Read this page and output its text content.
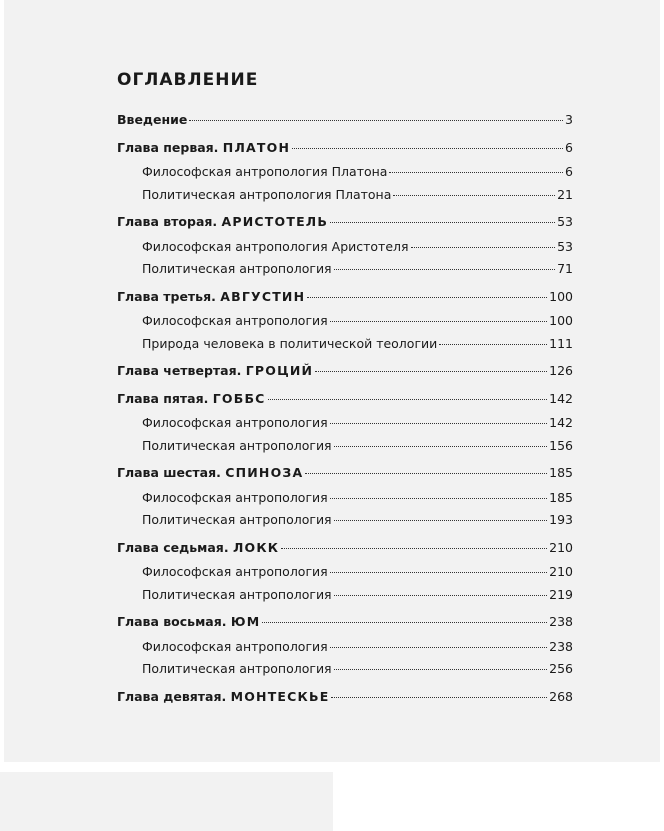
ОГЛАВЛЕНИЕ
Введение	3
Глава первая. ПЛАТОН	6
Философская антропология Платона	6
Политическая антропология Платона	21
Глава вторая. АРИСТОТЕЛЬ	53
Философская антропология Аристотеля	53
Политическая антропология	71
Глава третья. АВГУСТИН	100
Философская антропология	100
Природа человека в политической теологии	111
Глава четвертая. ГРОЦИЙ	126
Глава пятая. ГОББС	142
Философская антропология	142
Политическая антропология	156
Глава шестая. СПИНОЗА	185
Философская антропология	185
Политическая антропология	193
Глава седьмая. ЛОКК	210
Философская антропология	210
Политическая антропология	219
Глава восьмая. ЮМ	238
Философская антропология	238
Политическая антропология	256
Глава девятая. МОНТЕСКЬЕ	268
